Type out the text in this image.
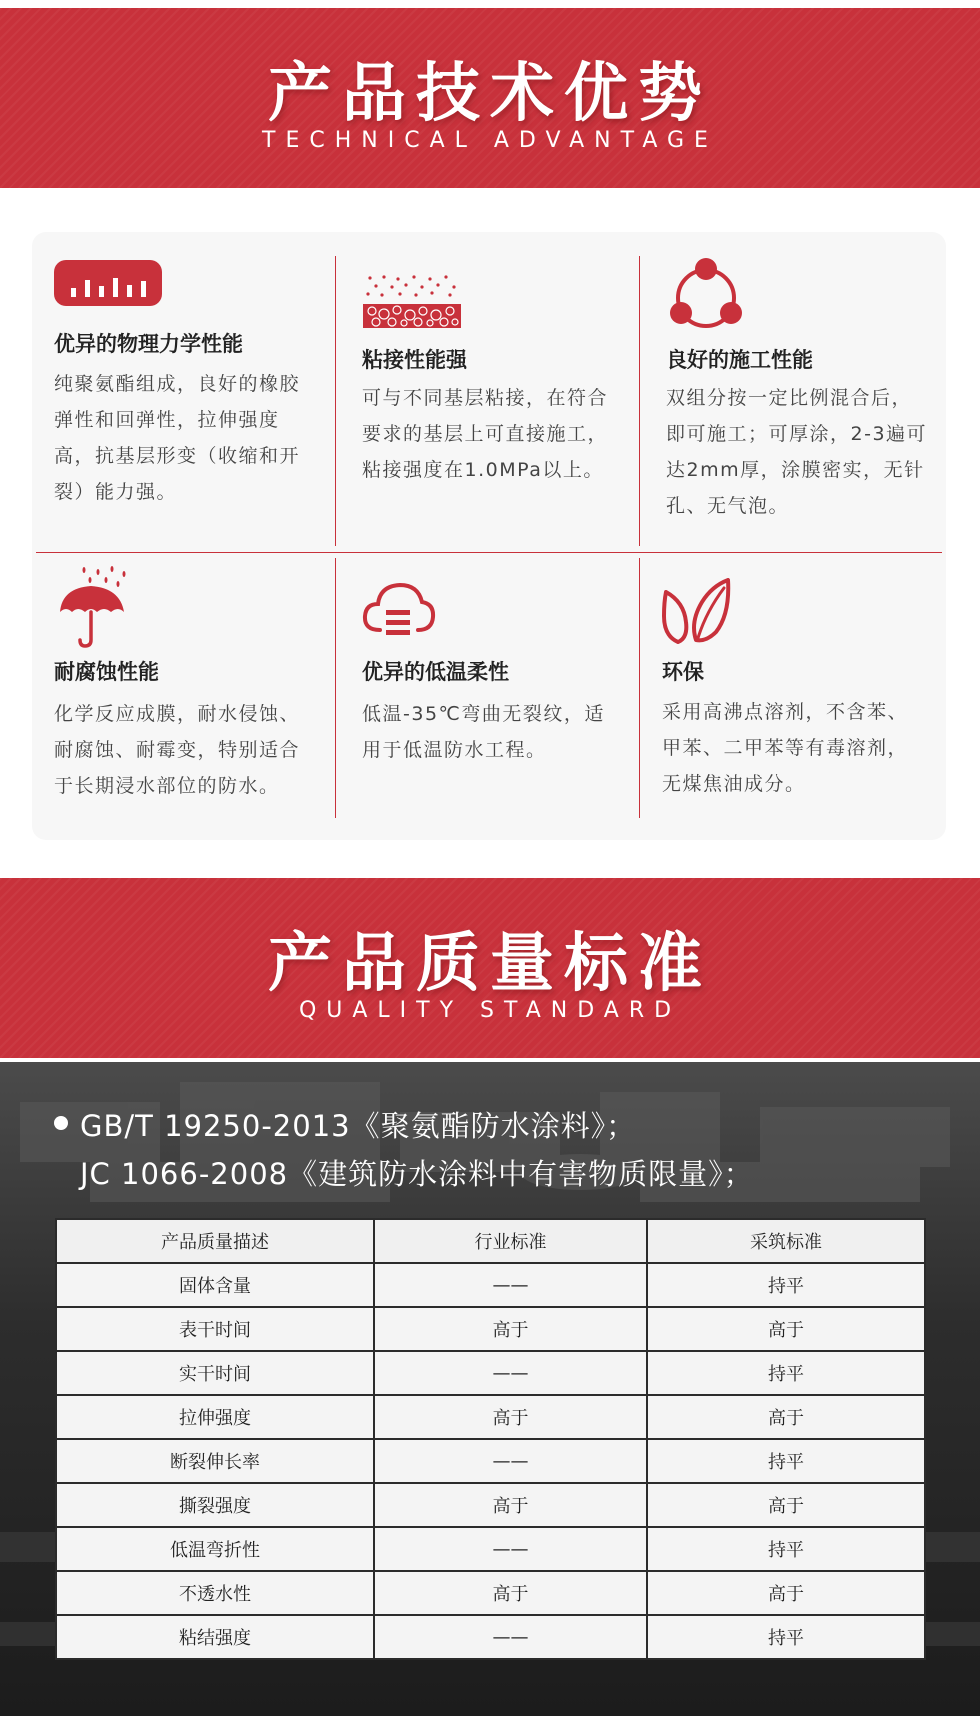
产品技术优势
TECHNICAL ADVANTAGE
优异的物理力学性能
纯聚氨酯组成，良好的橡胶弹性和回弹性，拉伸强度高，抗基层形变（收缩和开裂）能力强。
粘接性能强
可与不同基层粘接，在符合要求的基层上可直接施工，粘接强度在1.0MPa以上。
良好的施工性能
双组分按一定比例混合后，即可施工；可厚涂，2-3遍可达2mm厚，涂膜密实，无针孔、无气泡。
耐腐蚀性能
化学反应成膜，耐水侵蚀、耐腐蚀、耐霉变，特别适合于长期浸水部位的防水。
优异的低温柔性
低温-35℃弯曲无裂纹，适用于低温防水工程。
环保
采用高沸点溶剂，不含苯、甲苯、二甲苯等有毒溶剂，无煤焦油成分。
产品质量标准
QUALITY STANDARD
GB/T 19250-2013《聚氨酯防水涂料》；
JC 1066-2008《建筑防水涂料中有害物质限量》；
产品质量描述	行业标准	采筑标准
固体含量	——	持平
表干时间	高于	高于
实干时间	——	持平
拉伸强度	高于	高于
断裂伸长率	——	持平
撕裂强度	高于	高于
低温弯折性	——	持平
不透水性	高于	高于
粘结强度	——	持平
